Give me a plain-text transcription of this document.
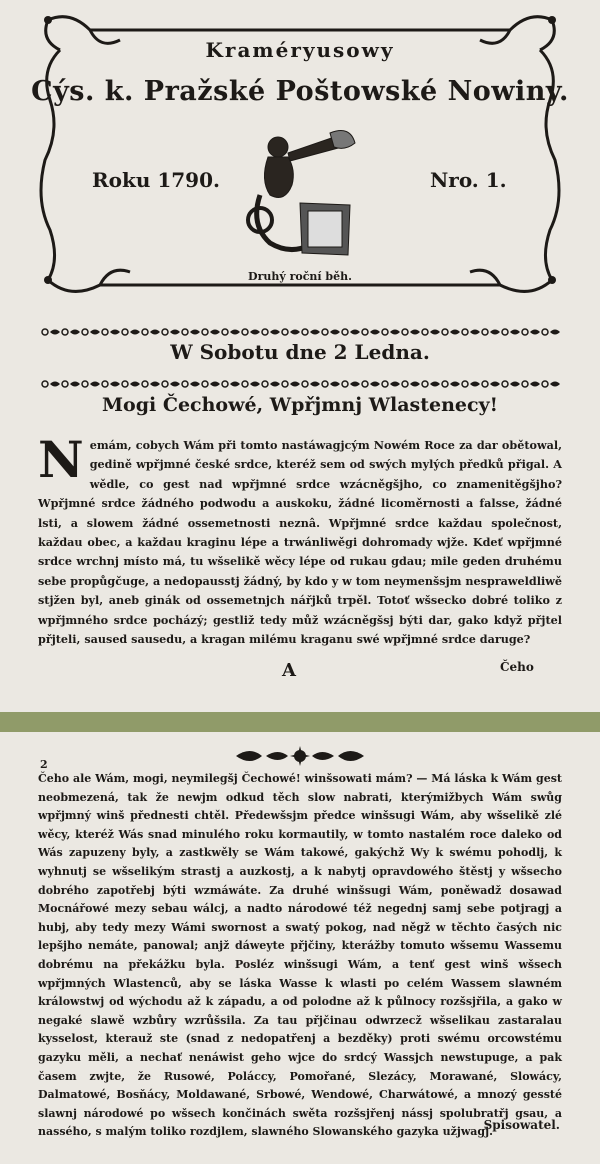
Kraméryusowy
Cýs. k. Pražské Poštowské Nowiny.
Roku 1790.	Nro. 1.
Druhý roční běh.
W Sobotu dne 2 Ledna.
Mogi Čechowé, Wpřjmnj Wlastenecy!
N emám, cobych Wám při tomto nastáwagjcým Nowém Roce za dar obětowal, gedině wpřjmné české srdce, kteréž sem od swých mylých předků přigal. A wědle, co gest nad wpřjmné srdce wzácněgšjho, co znamenitěgšjho? Wpřjmné srdce žádného podwodu a auskoku, žádné licoměrnosti a falsse, žádné lsti, a slowem žádné ossemetnosti neznâ. Wpřjmné srdce každau společnost, každau obec, a každau kraginu lépe a trwánliwěgi dohromady wjže. Kdeť wpřjmné srdce wrchnj místo má, tu wšselikě wěcy lépe od rukau gdau; mile geden druhému sebe propůgčuge, a nedopausstj žádný, by kdo y w tom neymenšsjm nespraweldliwě stjžen byl, aneb ginák od ossemetnjch nářjků trpěl. Totoť wšsecko dobré toliko z wpřjmného srdce pocházý; gestliž tedy můž wzácněgšsj býti dar, gako když přjtel přjteli, saused sausedu, a kragan milému kraganu swé wpřjmné srdce daruge?
A	Čeho
2
Čeho ale Wám, mogi, neymilegšj Čechowé! winšsowati mám? — Má láska k Wám gest neobmezená, tak že newjm odkud těch slow nabrati, kterýmižbych Wám swůg wpřjmný winš přednesti chtěl. Předewšsjm předce winšsugi Wám, aby wšselikě zlé wěcy, kteréž Wás snad minulého roku kormautily, w tomto nastalém roce daleko od Wás zapuzeny byly, a zastkwěly se Wám takowé, gakýchž Wy k swému pohodlj, k wyhnutj se wšselikým strastj a auzkostj, a k nabytj opravdowého štěstj y wšsecho dobrého zapotřebj býti wzmáwáte. Za druhé winšsugi Wám, poněwadž dosawad Mocnářowé mezy sebau wálcj, a nadto národowé též negednj samj sebe potjragj a hubj, aby tedy mezy Wámi swornost a swatý pokog, nad něgž w těchto časých nic lepšjho nemáte, panowal; anjž dáweyte přjčiny, kterážby tomuto wšsemu Wassemu dobrému na překážku byla. Posléz winšsugi Wám, a tenť gest winš wšsech wpřjmných Wlastenců, aby se láska Wasse k wlasti po celém Wassem slawném králowstwj od wýchodu až k západu, a od polodne až k půlnocy rozšsjřila, a gako w negaké slawě wzbůry wzrůšsila. Za tau přjčinau odwrzecž wšselikau zastaralau kysselost, kterauž ste (snad z nedopatřenj a bezděky) proti swému orcowstému gazyku měli, a nechať nenáwist geho wjce do srdcý Wassjch newstupuge, a pak časem zwjte, že Rusowé, Poláccy, Pomořané, Slezácy, Morawané, Slowácy, Dalmatowé, Bosňácy, Moldawané, Srbowé, Wendowé, Charwátowé, a mnozý gessté slawnj národowé po wšsech končinách swěta rozšsjřenj nássj spolubratřj gsau, a nassého, s malým toliko rozdjlem, slawného Slowanského gazyka užjwagj.
Spisowatel.
